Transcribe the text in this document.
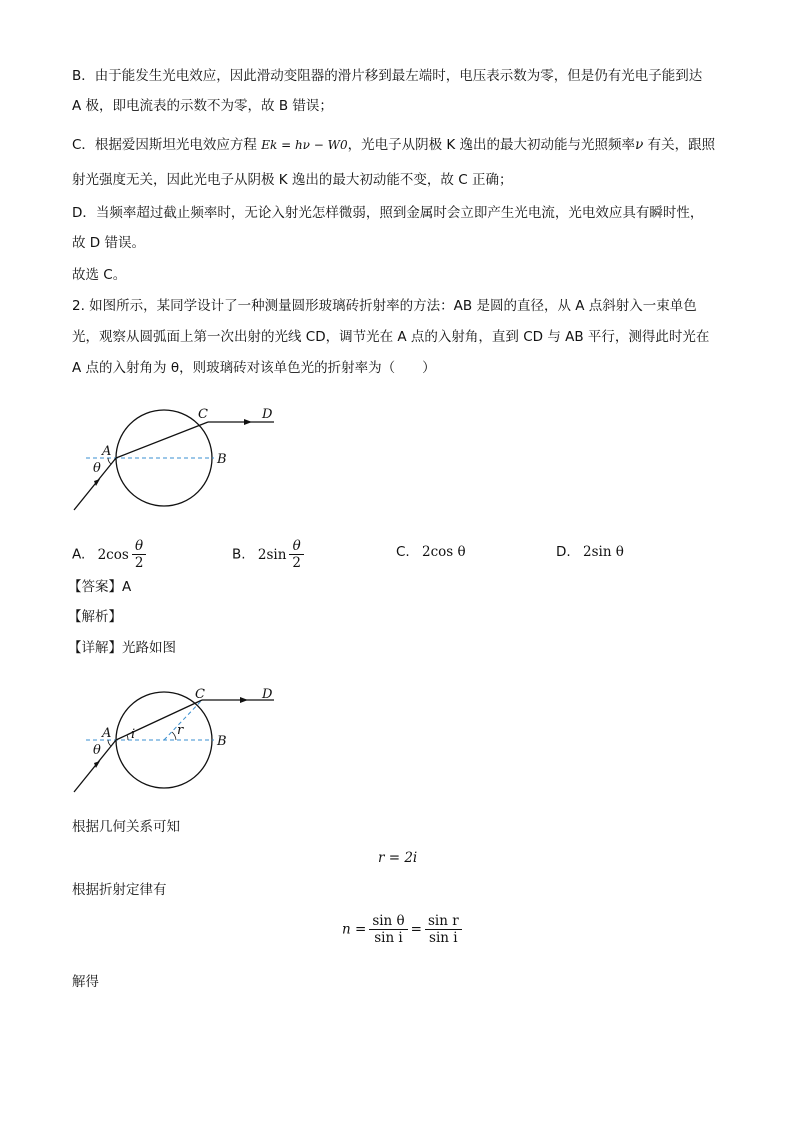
B．由于能发生光电效应，因此滑动变阻器的滑片移到最左端时，电压表示数为零，但是仍有光电子能到达
A 极，即电流表的示数不为零，故 B 错误；
C．根据爱因斯坦光电效应方程 Ek = hν − W0，光电子从阴极 K 逸出的最大初动能与光照频率ν 有关，跟照
射光强度无关，因此光电子从阴极 K 逸出的最大初动能不变，故 C 正确；
D．当频率超过截止频率时，无论入射光怎样微弱，照到金属时会立即产生光电流，光电效应具有瞬时性，
故 D 错误。
故选 C。
2. 如图所示，某同学设计了一种测量圆形玻璃砖折射率的方法：AB 是圆的直径，从 A 点斜射入一束单色
光，观察从圆弧面上第一次出射的光线 CD，调节光在 A 点的入射角，直到 CD 与 AB 平行，测得此时光在
A 点的入射角为 θ，则玻璃砖对该单色光的折射率为（　　）
A
B
C	D
θ
A. $2\cos \frac{\theta}{2}$	B. $2\sin \frac{\theta}{2}$	C. 2cos θ	D. 2sin θ
【答案】A
【解析】
【详解】光路如图
A
B
C	D
θ
i	r
根据几何关系可知
r = 2i
根据折射定律有
$n = \frac{\text{sin θ}}{\text{sin i}} = \frac{\text{sin r}}{\text{sin i}}$
解得
